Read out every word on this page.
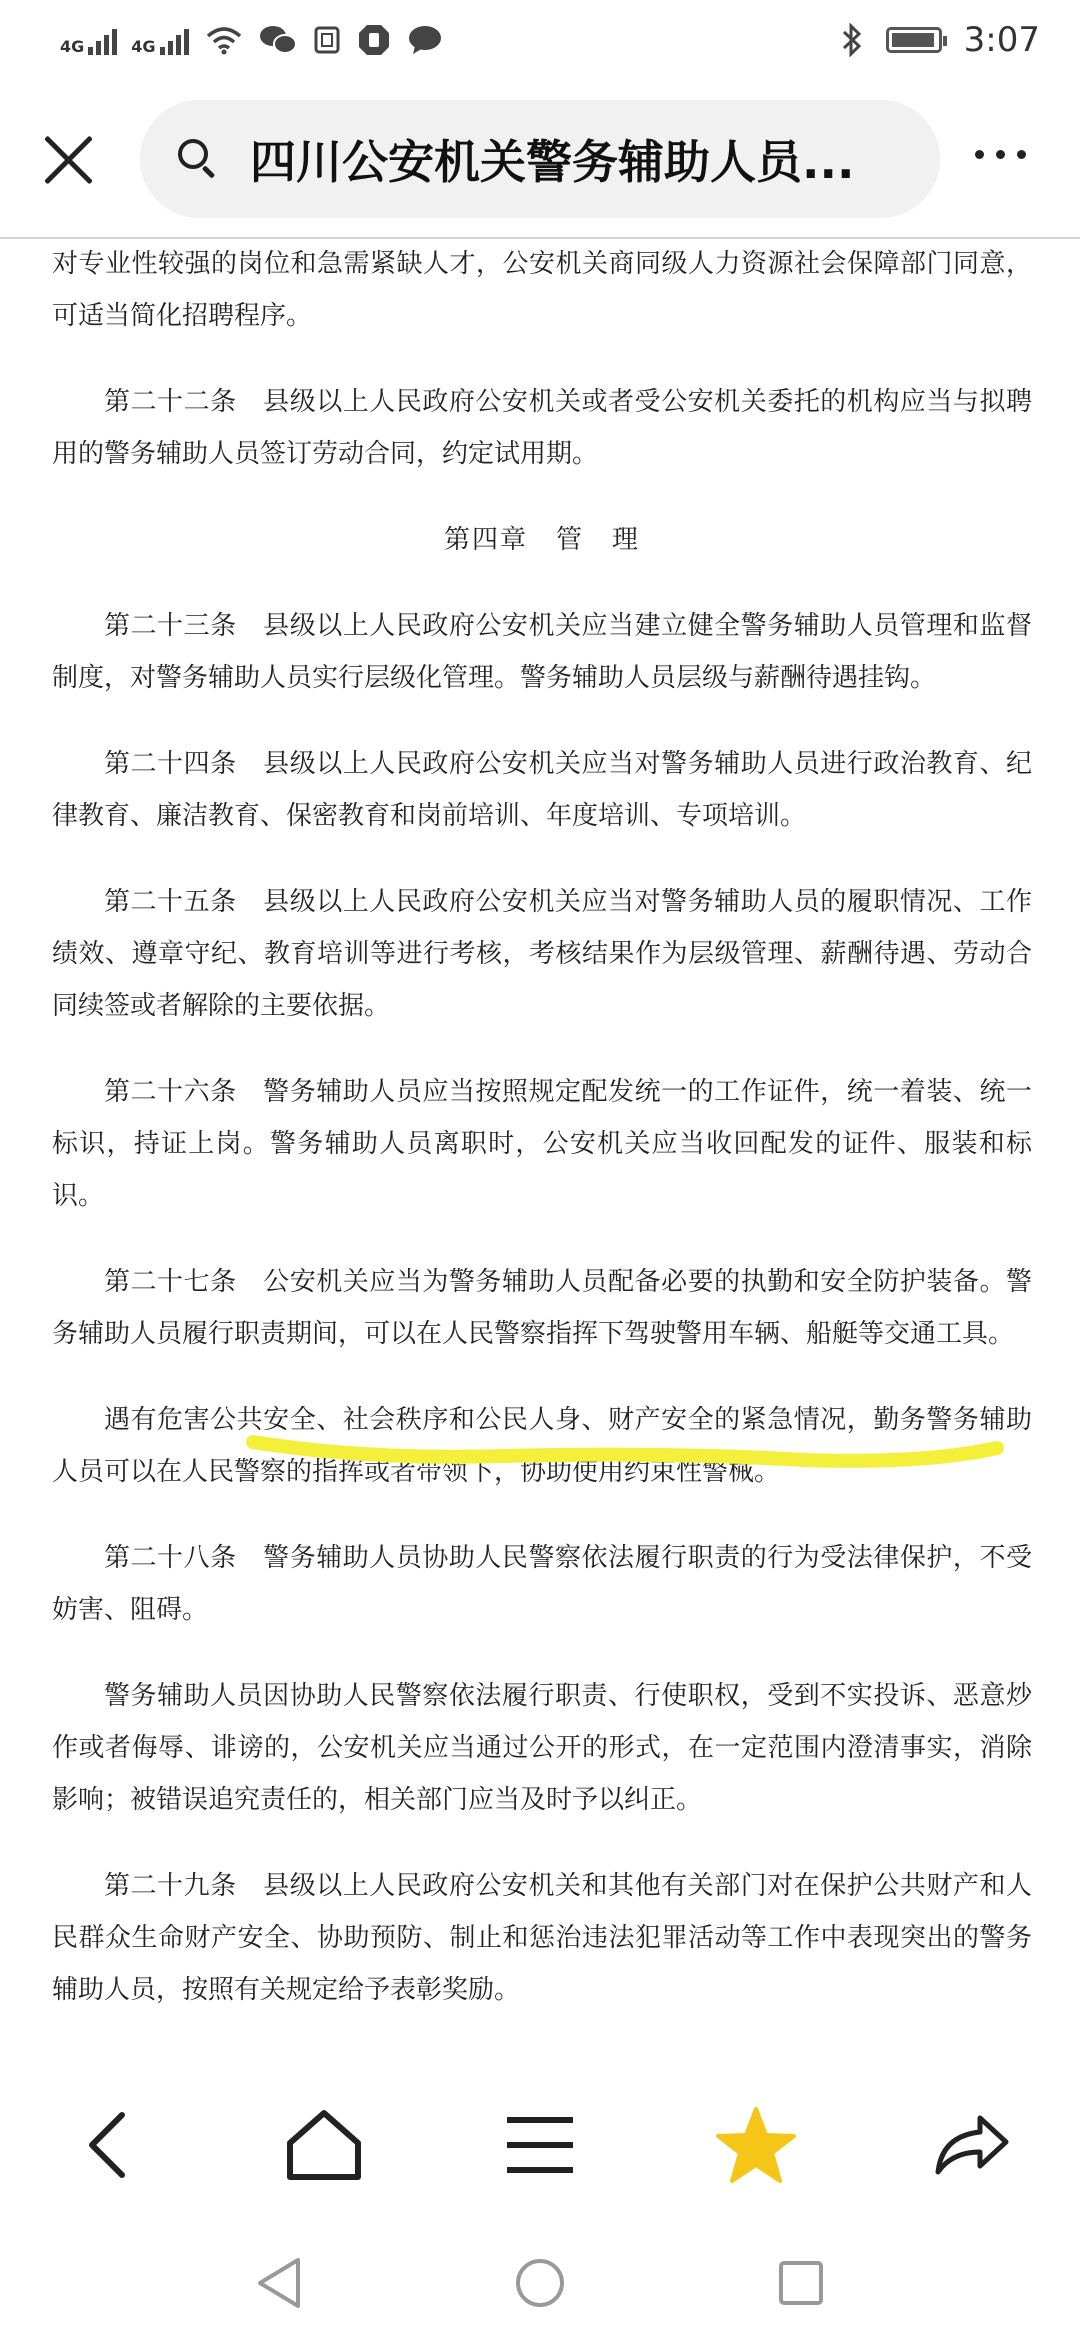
4G	4G	3:07
四川公安机关警务辅助人员...

对专业性较强的岗位和急需紧缺人才，公安机关商同级人力资源社会保障部门同意，可适当简化招聘程序。

第二十二条　县级以上人民政府公安机关或者受公安机关委托的机构应当与拟聘用的警务辅助人员签订劳动合同，约定试用期。

第四章　管　理

第二十三条　县级以上人民政府公安机关应当建立健全警务辅助人员管理和监督制度，对警务辅助人员实行层级化管理。警务辅助人员层级与薪酬待遇挂钩。

第二十四条　县级以上人民政府公安机关应当对警务辅助人员进行政治教育、纪律教育、廉洁教育、保密教育和岗前培训、年度培训、专项培训。

第二十五条　县级以上人民政府公安机关应当对警务辅助人员的履职情况、工作绩效、遵章守纪、教育培训等进行考核，考核结果作为层级管理、薪酬待遇、劳动合同续签或者解除的主要依据。

第二十六条　警务辅助人员应当按照规定配发统一的工作证件，统一着装、统一标识，持证上岗。警务辅助人员离职时，公安机关应当收回配发的证件、服装和标识。

第二十七条　公安机关应当为警务辅助人员配备必要的执勤和安全防护装备。警务辅助人员履行职责期间，可以在人民警察指挥下驾驶警用车辆、船艇等交通工具。

遇有危害公共安全、社会秩序和公民人身、财产安全的紧急情况，勤务警务辅助人员可以在人民警察的指挥或者带领下，协助使用约束性警械。

第二十八条　警务辅助人员协助人民警察依法履行职责的行为受法律保护，不受妨害、阻碍。

警务辅助人员因协助人民警察依法履行职责、行使职权，受到不实投诉、恶意炒作或者侮辱、诽谤的，公安机关应当通过公开的形式，在一定范围内澄清事实，消除影响；被错误追究责任的，相关部门应当及时予以纠正。

第二十九条　县级以上人民政府公安机关和其他有关部门对在保护公共财产和人民群众生命财产安全、协助预防、制止和惩治违法犯罪活动等工作中表现突出的警务辅助人员，按照有关规定给予表彰奖励。
